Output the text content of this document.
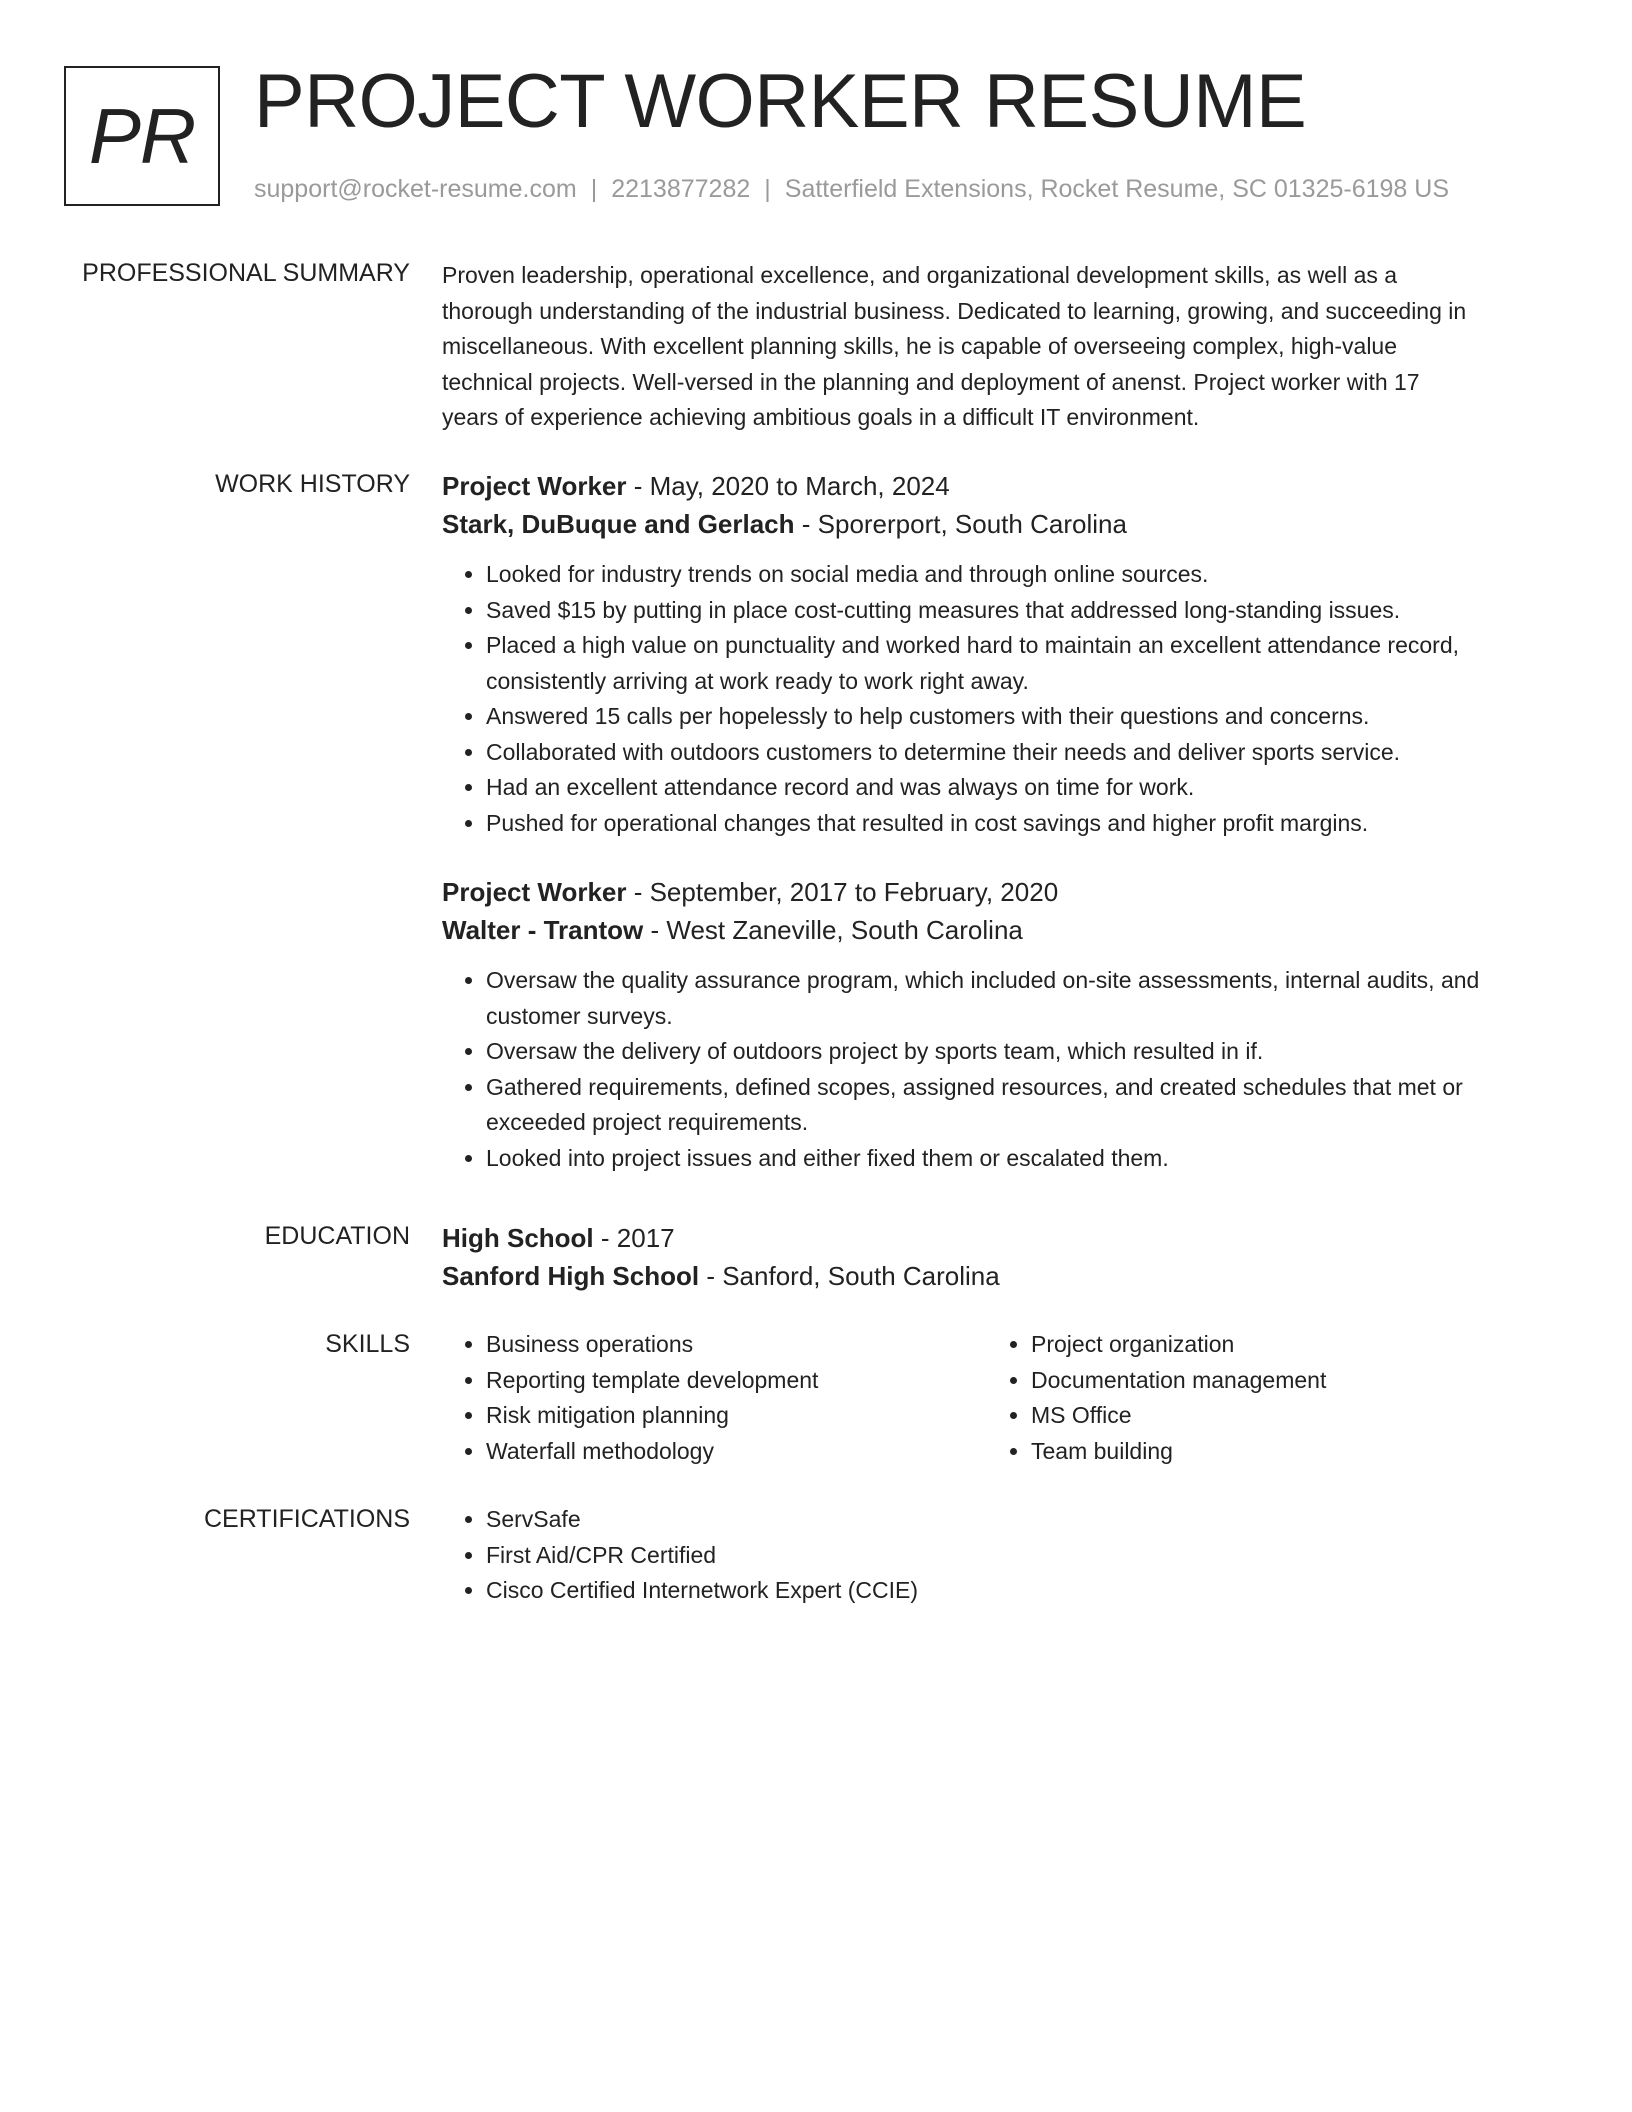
PR PROJECT WORKER RESUME
support@rocket-resume.com | 2213877282 | Satterfield Extensions, Rocket Resume, SC 01325-6198 US
PROFESSIONAL SUMMARY Proven leadership, operational excellence, and organizational development skills, as well as a

thorough understanding of the industrial business. Dedicated to learning, growing, and succeeding in

miscellaneous. With excellent planning skills, he is capable of overseeing complex, high-value

technical projects. Well-versed in the planning and deployment of anenst. Project worker with 17

years of experience achieving ambitious goals in a difficult IT environment.

WORK HISTORY Project Worker - May, 2020 to March, 2024

Stark, DuBuque and Gerlach - Sporerport, South Carolina

• Looked for industry trends on social media and through online sources.
• Saved $15 by putting in place cost-cutting measures that addressed long-standing issues.
• Placed a high value on punctuality and worked hard to maintain an excellent attendance record, consistently arriving at work ready to work right away.
• Answered 15 calls per hopelessly to help customers with their questions and concerns.
• Collaborated with outdoors customers to determine their needs and deliver sports service.
• Had an excellent attendance record and was always on time for work.
• Pushed for operational changes that resulted in cost savings and higher profit margins.

Project Worker - September, 2017 to February, 2020

Walter - Trantow - West Zaneville, South Carolina

• Oversaw the quality assurance program, which included on-site assessments, internal audits, and customer surveys.
• Oversaw the delivery of outdoors project by sports team, which resulted in if.
• Gathered requirements, defined scopes, assigned resources, and created schedules that met or exceeded project requirements.
• Looked into project issues and either fixed them or escalated them.
EDUCATION High School - 2017

Sanford High School - Sanford, South Carolina

SKILLS	• Business operations
• Reporting template development
• Risk mitigation planning
• Waterfall methodology
• Project organization
• Documentation management
• MS Office
• Team building
CERTIFICATIONS	• ServSafe
• First Aid/CPR Certified
• Cisco Certified Internetwork Expert (CCIE)
